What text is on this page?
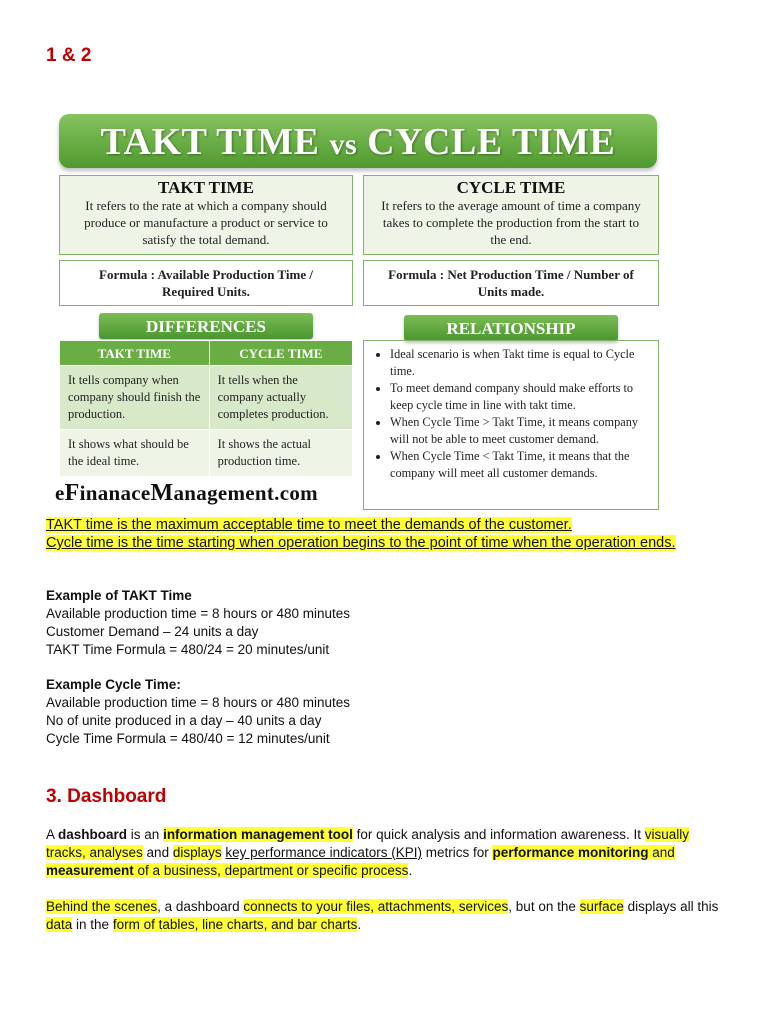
1 & 2
TAKT TIME vs CYCLE TIME
TAKT TIME
It refers to the rate at which a company should produce or manufacture a product or service to satisfy the total demand.
CYCLE TIME
It refers to the average amount of time a company takes to complete the production from the start to the end.
Formula : Available Production Time / Required Units.
Formula : Net Production Time / Number of Units made.
DIFFERENCES	RELATIONSHIP
TAKT TIME	CYCLE TIME
It tells company when company should finish the production.	It tells when the company actually completes production.
It shows what should be the ideal time.	It shows the actual production time.
• Ideal scenario is when Takt time is equal to Cycle time.
• To meet demand company should make efforts to keep cycle time in line with takt time.
• When Cycle Time > Takt Time, it means company will not be able to meet customer demand.
• When Cycle Time < Takt Time, it means that the company will meet all customer demands.
eFinanaceManagement.com
TAKT time is the maximum acceptable time to meet the demands of the customer.
Cycle time is the time starting when operation begins to the point of time when the operation ends.
Example of TAKT Time
Available production time = 8 hours or 480 minutes
Customer Demand – 24 units a day
TAKT Time Formula = 480/24 = 20 minutes/unit
Example Cycle Time:
Available production time = 8 hours or 480 minutes
No of unite produced in a day – 40 units a day
Cycle Time Formula = 480/40 = 12 minutes/unit
3. Dashboard
A dashboard is an information management tool for quick analysis and information awareness. It visually tracks, analyses and displays key performance indicators (KPI) metrics for performance monitoring and measurement of a business, department or specific process.
Behind the scenes, a dashboard connects to your files, attachments, services, but on the surface displays all this data in the form of tables, line charts, and bar charts.
